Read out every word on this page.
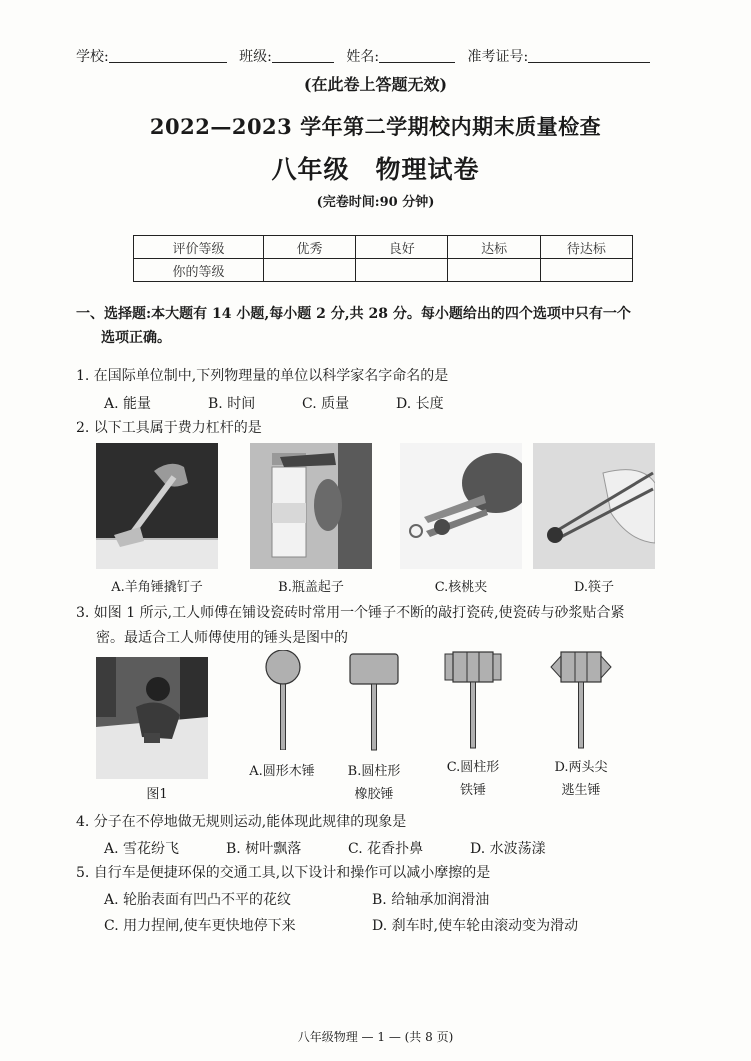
学校:	班级:	姓名:	准考证号:
(在此卷上答题无效)
2022—2023 学年第二学期校内期末质量检查
八年级 物理试卷
(完卷时间:90 分钟)
评价等级	优秀	良好	达标	待达标
你的等级				
一、选择题:本大题有 14 小题,每小题 2 分,共 28 分。每小题给出的四个选项中只有一个
选项正确。
1. 在国际单位制中,下列物理量的单位以科学家名字命名的是
A. 能量	B. 时间	C. 质量	D. 长度
2. 以下工具属于费力杠杆的是
A.羊角锤撬钉子	B.瓶盖起子	C.核桃夹	D.筷子
3. 如图 1 所示,工人师傅在铺设瓷砖时常用一个锤子不断的敲打瓷砖,使瓷砖与砂浆贴合紧
密。最适合工人师傅使用的锤头是图中的
图1
A.圆形木锤	B.圆柱形
橡胶锤
C.圆柱形
铁锤
D.两头尖
逃生锤
4. 分子在不停地做无规则运动,能体现此规律的现象是
A. 雪花纷飞	B. 树叶飘落	C. 花香扑鼻	D. 水波荡漾
5. 自行车是便捷环保的交通工具,以下设计和操作可以减小摩擦的是
A. 轮胎表面有凹凸不平的花纹	B. 给轴承加润滑油
C. 用力捏闸,使车更快地停下来	D. 刹车时,使车轮由滚动变为滑动
八年级物理 — 1 — (共 8 页)
